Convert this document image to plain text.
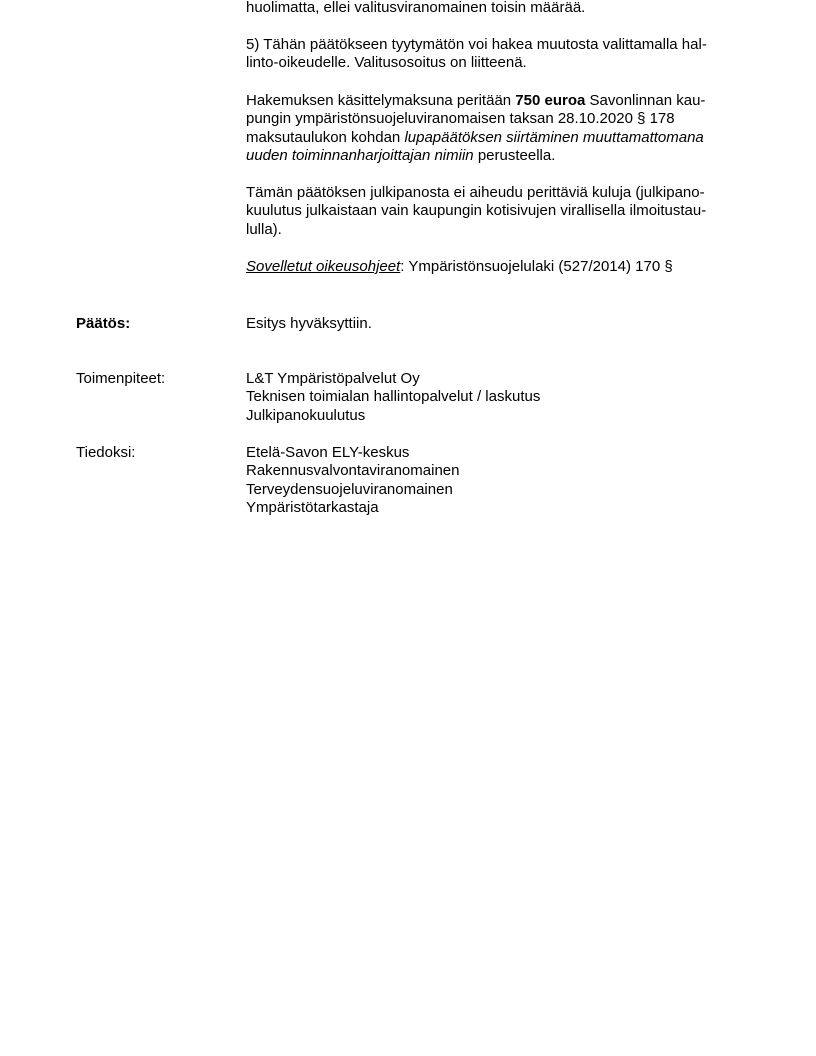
huolimatta, ellei valitusviranomainen toisin määrää.
5) Tähän päätökseen tyytymätön voi hakea muutosta valittamalla hal-
linto-oikeudelle. Valitusosoitus on liitteenä.
Hakemuksen käsittelymaksuna peritään 750 euroa Savonlinnan kau-
pungin ympäristönsuojeluviranomaisen taksan 28.10.2020 § 178
maksutaulukon kohdan lupapäätöksen siirtäminen muuttamattomana
uuden toiminnanharjoittajan nimiin perusteella.
Tämän päätöksen julkipanosta ei aiheudu perittäviä kuluja (julkipano-
kuulutus julkaistaan vain kaupungin kotisivujen virallisella ilmoitustau-
lulla).
Sovelletut oikeusohjeet: Ympäristönsuojelulaki (527/2014) 170 §
Päätös:	Esitys hyväksyttiin.
Toimenpiteet:	L&T Ympäristöpalvelut Oy
Teknisen toimialan hallintopalvelut / laskutus
Julkipanokuulutus
Tiedoksi:	Etelä-Savon ELY-keskus
Rakennusvalvontaviranomainen
Terveydensuojeluviranomainen
Ympäristötarkastaja
